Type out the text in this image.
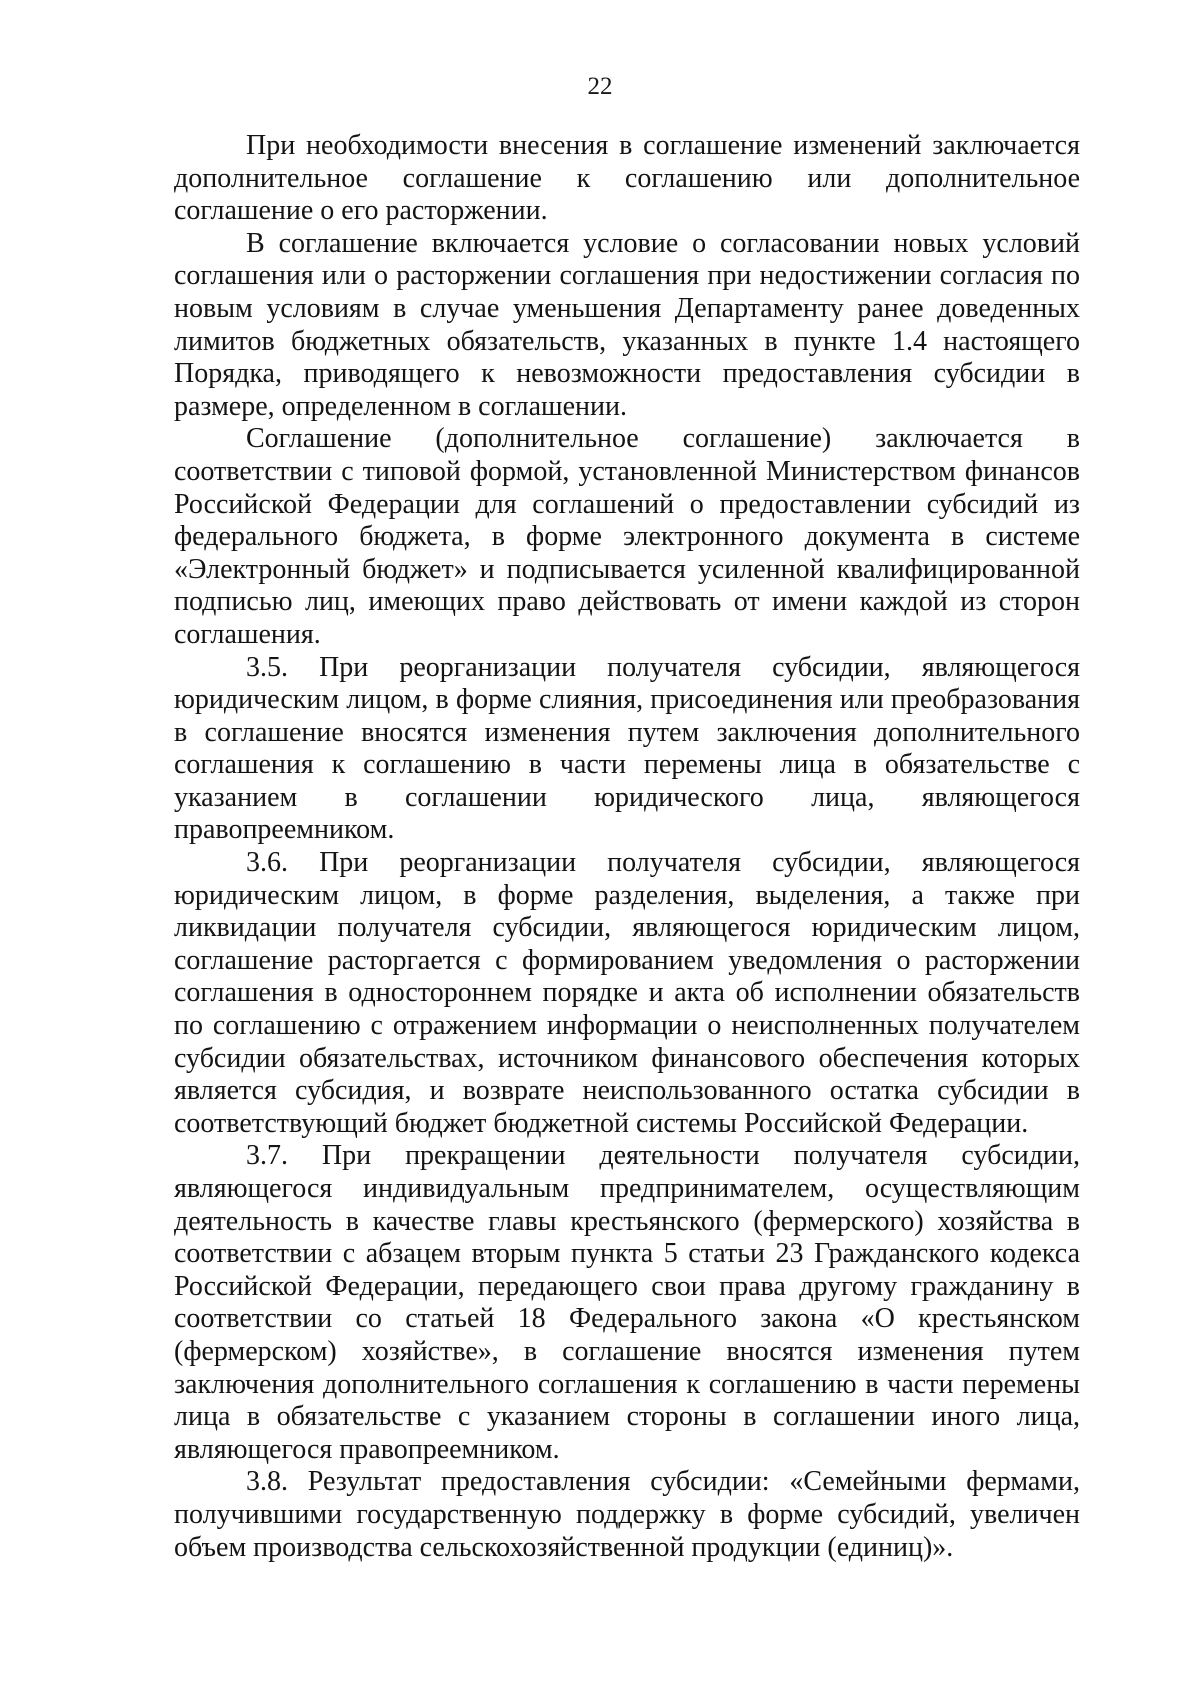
22

При необходимости внесения в соглашение изменений заключается дополнительное соглашение к соглашению или дополнительное соглашение о его расторжении.

В соглашение включается условие о согласовании новых условий соглашения или о расторжении соглашения при недостижении согласия по новым условиям в случае уменьшения Департаменту ранее доведенных лимитов бюджетных обязательств, указанных в пункте 1.4 настоящего Порядка, приводящего к невозможности предоставления субсидии в размере, определенном в соглашении.

Соглашение (дополнительное соглашение) заключается в соответствии с типовой формой, установленной Министерством финансов Российской Федерации для соглашений о предоставлении субсидий из федерального бюджета, в форме электронного документа в системе «Электронный бюджет» и подписывается усиленной квалифицированной подписью лиц, имеющих право действовать от имени каждой из сторон соглашения.

3.5. При реорганизации получателя субсидии, являющегося юридическим лицом, в форме слияния, присоединения или преобразования в соглашение вносятся изменения путем заключения дополнительного соглашения к соглашению в части перемены лица в обязательстве с указанием в соглашении юридического лица, являющегося правопреемником.

3.6. При реорганизации получателя субсидии, являющегося юридическим лицом, в форме разделения, выделения, а также при ликвидации получателя субсидии, являющегося юридическим лицом, соглашение расторгается с формированием уведомления о расторжении соглашения в одностороннем порядке и акта об исполнении обязательств по соглашению с отражением информации о неисполненных получателем субсидии обязательствах, источником финансового обеспечения которых является субсидия, и возврате неиспользованного остатка субсидии в соответствующий бюджет бюджетной системы Российской Федерации.

3.7. При прекращении деятельности получателя субсидии, являющегося индивидуальным предпринимателем, осуществляющим деятельность в качестве главы крестьянского (фермерского) хозяйства в соответствии с абзацем вторым пункта 5 статьи 23 Гражданского кодекса Российской Федерации, передающего свои права другому гражданину в соответствии со статьей 18 Федерального закона «О крестьянском (фермерском) хозяйстве», в соглашение вносятся изменения путем заключения дополнительного соглашения к соглашению в части перемены лица в обязательстве с указанием стороны в соглашении иного лица, являющегося правопреемником.

3.8. Результат предоставления субсидии: «Семейными фермами, получившими государственную поддержку в форме субсидий, увеличен объем производства сельскохозяйственной продукции (единиц)».
